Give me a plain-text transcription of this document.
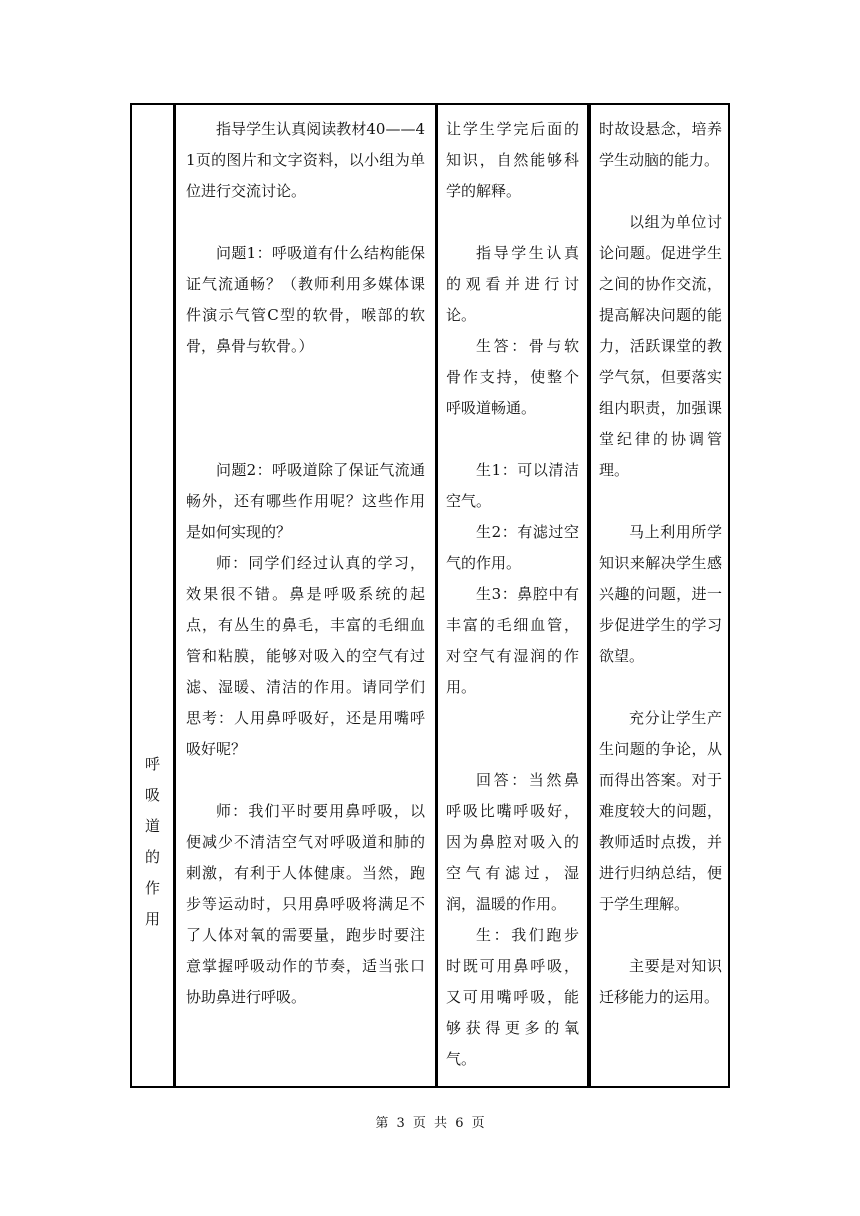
呼
吸
道
的
作
用

指导学生认真阅读教材40——41页的图片和文字资料，以小组为单位进行交流讨论。

问题1：呼吸道有什么结构能保证气流通畅？（教师利用多媒体课件演示气管C型的软骨，喉部的软骨，鼻骨与软骨。）

问题2：呼吸道除了保证气流通畅外，还有哪些作用呢？这些作用是如何实现的？

师：同学们经过认真的学习，效果很不错。鼻是呼吸系统的起点，有丛生的鼻毛，丰富的毛细血管和粘膜，能够对吸入的空气有过滤、湿暖、清洁的作用。请同学们思考：人用鼻呼吸好，还是用嘴呼吸好呢？

师：我们平时要用鼻呼吸，以便减少不清洁空气对呼吸道和肺的刺激，有利于人体健康。当然，跑步等运动时，只用鼻呼吸将满足不了人体对氧的需要量，跑步时要注意掌握呼吸动作的节奏，适当张口协助鼻进行呼吸。

让学生学完后面的知识，自然能够科学的解释。

指导学生认真的观看并进行讨论。

生答：骨与软骨作支持，使整个呼吸道畅通。

生1：可以清洁空气。

生2：有滤过空气的作用。

生3：鼻腔中有丰富的毛细血管，对空气有湿润的作用。

回答：当然鼻呼吸比嘴呼吸好，因为鼻腔对吸入的空气有滤过，湿润，温暖的作用。

生：我们跑步时既可用鼻呼吸，又可用嘴呼吸，能够获得更多的氧气。

时故设悬念，培养学生动脑的能力。

以组为单位讨论问题。促进学生之间的协作交流，提高解决问题的能力，活跃课堂的教学气氛，但要落实组内职责，加强课堂纪律的协调管理。

马上利用所学知识来解决学生感兴趣的问题，进一步促进学生的学习欲望。

充分让学生产生问题的争论，从而得出答案。对于难度较大的问题，教师适时点拨，并进行归纳总结，便于学生理解。

主要是对知识迁移能力的运用。

第 3 页 共 6 页
